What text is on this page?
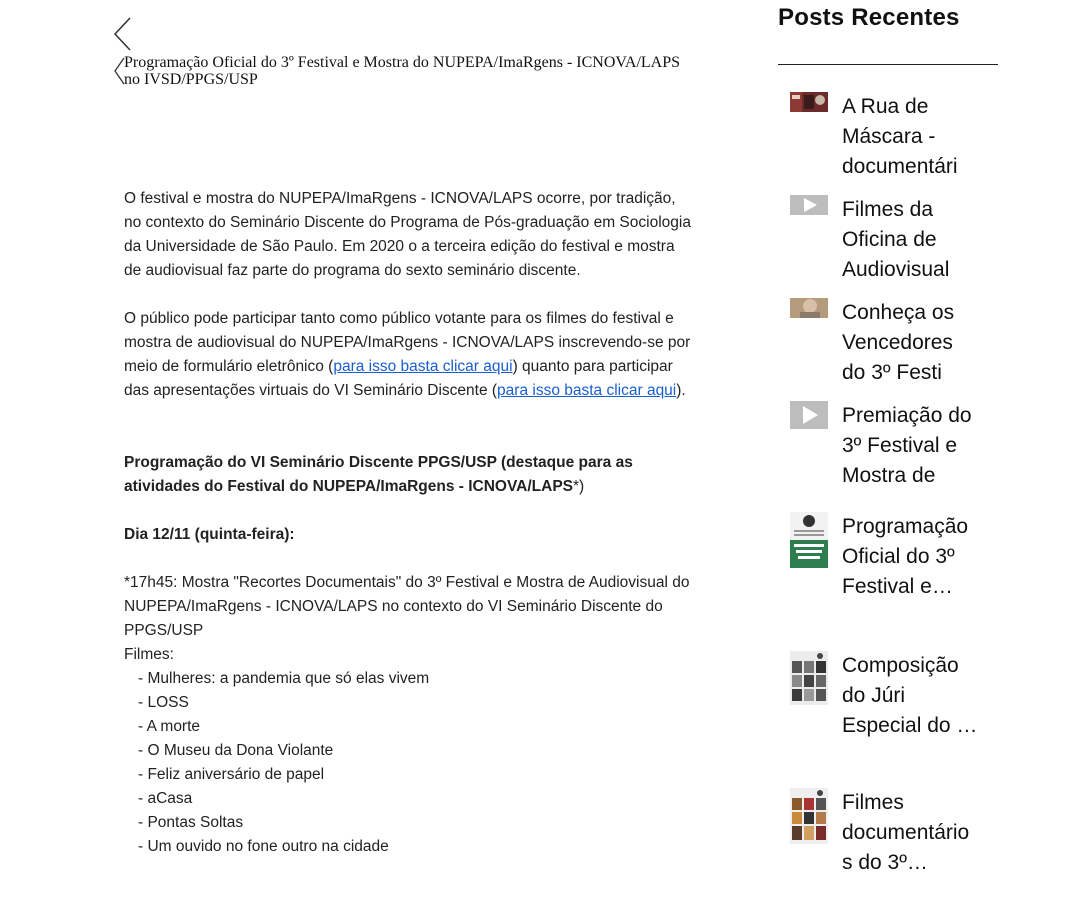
Programação Oficial do 3º Festival e Mostra do NUPEPA/ImaRgens - ICNOVA/LAPS no IVSD/PPGS/USP

O festival e mostra do NUPEPA/ImaRgens - ICNOVA/LAPS ocorre, por tradição, no contexto do Seminário Discente do Programa de Pós-graduação em Sociologia da Universidade de São Paulo. Em 2020 o a terceira edição do festival e mostra de audiovisual faz parte do programa do sexto seminário discente.

O público pode participar tanto como público votante para os filmes do festival e mostra de audiovisual do NUPEPA/ImaRgens - ICNOVA/LAPS inscrevendo-se por meio de formulário eletrônico (para isso basta clicar aqui) quanto para participar das apresentações virtuais do VI Seminário Discente (para isso basta clicar aqui).

Programação do VI Seminário Discente PPGS/USP (destaque para as atividades do Festival do NUPEPA/ImaRgens - ICNOVA/LAPS*)

Dia 12/11 (quinta-feira):

*17h45: Mostra "Recortes Documentais" do 3º Festival e Mostra de Audiovisual do NUPEPA/ImaRgens - ICNOVA/LAPS no contexto do VI Seminário Discente do PPGS/USP

Filmes:

- Mulheres: a pandemia que só elas vivem
- LOSS
- A morte
- O Museu da Dona Violante
- Feliz aniversário de papel
- aCasa
- Pontas Soltas
- Um ouvido no fone outro na cidade
Posts Recentes
A Rua de
Máscara -
documentári
Filmes da
Oficina de
Audiovisual
Conheça os
Vencedores
do 3º Festi
Premiação do
3º Festival e
Mostra de
Programação
Oficial do 3º
Festival e…
Composição
do Júri
Especial do …
Filmes
documentário
s do 3º…
